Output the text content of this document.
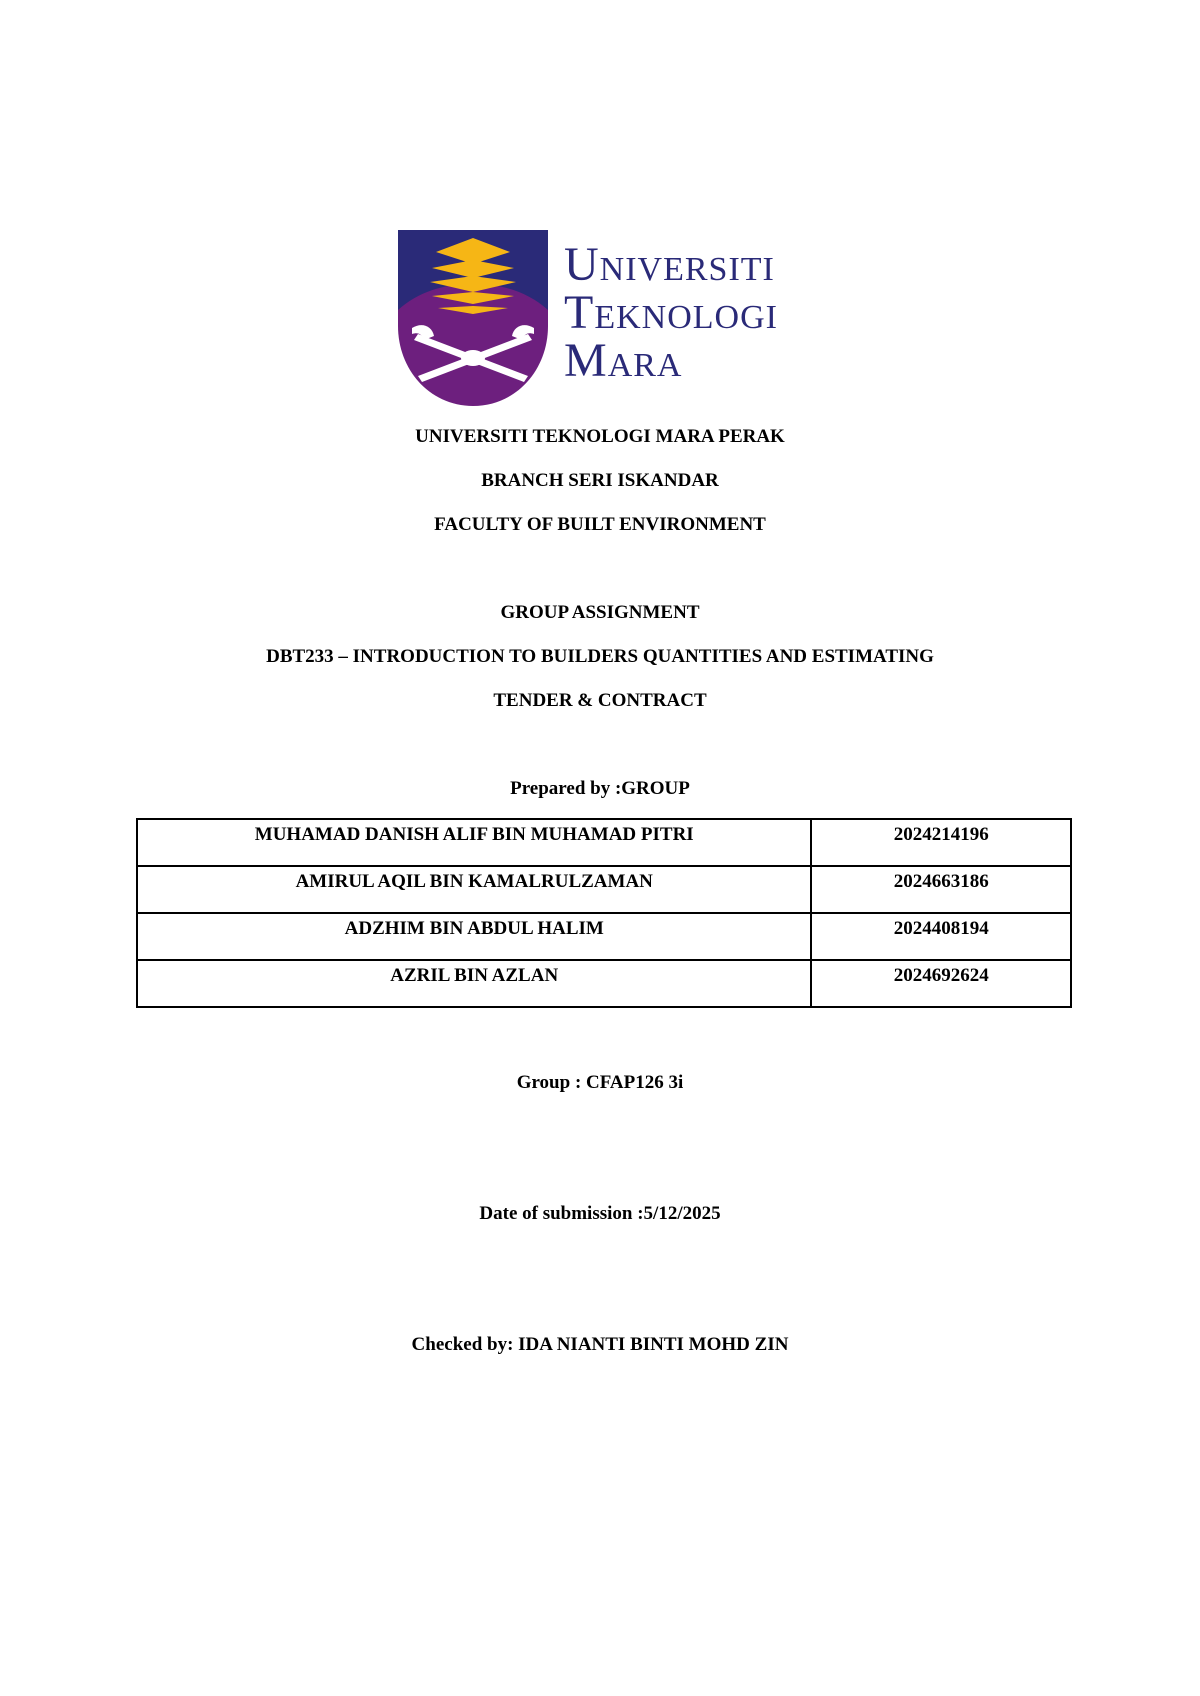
UNIVERSITI
TEKNOLOGI
MARA
UNIVERSITI TEKNOLOGI MARA PERAK
BRANCH SERI ISKANDAR
FACULTY OF BUILT ENVIRONMENT
GROUP ASSIGNMENT
DBT233 – INTRODUCTION TO BUILDERS QUANTITIES AND ESTIMATING
TENDER & CONTRACT
Prepared by :GROUP
MUHAMAD DANISH ALIF BIN MUHAMAD PITRI	2024214196
AMIRUL AQIL BIN KAMALRULZAMAN	2024663186
ADZHIM BIN ABDUL HALIM	2024408194
AZRIL BIN AZLAN	2024692624
Group : CFAP126 3i
Date of submission :5/12/2025
Checked by: IDA NIANTI BINTI MOHD ZIN
